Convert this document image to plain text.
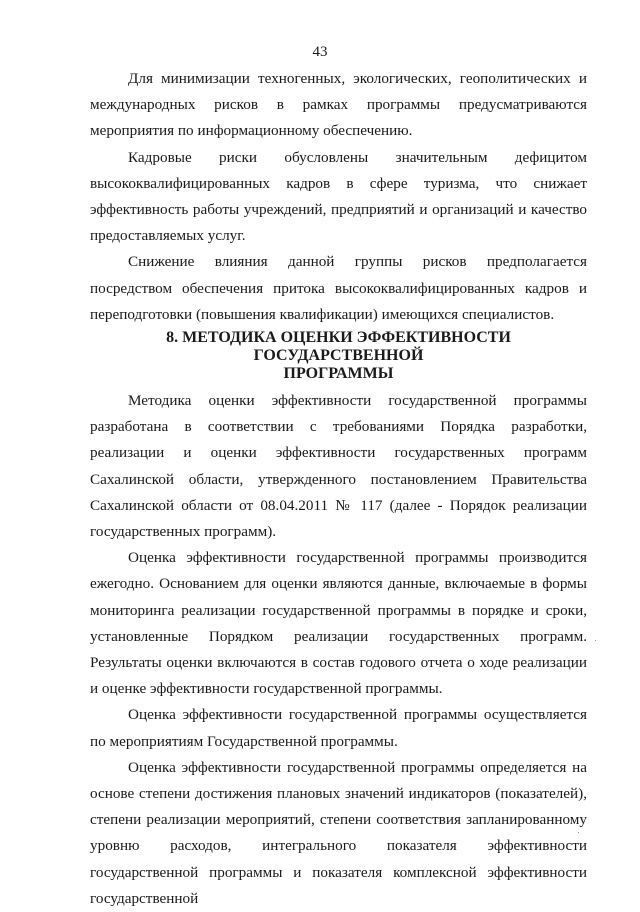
43

Для минимизации техногенных, экологических, геополитических и международных рисков в рамках программы предусматриваются мероприятия по информационному обеспечению.

Кадровые риски обусловлены значительным дефицитом высококвалифицированных кадров в сфере туризма, что снижает эффективность работы учреждений, предприятий и организаций и качество предоставляемых услуг.

Снижение влияния данной группы рисков предполагается посредством обеспечения притока высококвалифицированных кадров и переподготовки (повышения квалификации) имеющихся специалистов.

8. МЕТОДИКА ОЦЕНКИ ЭФФЕКТИВНОСТИ ГОСУДАРСТВЕННОЙ
ПРОГРАММЫ

Методика оценки эффективности государственной программы разработана в соответствии с требованиями Порядка разработки, реализации и оценки эффективности государственных программ Сахалинской области, утвержденного постановлением Правительства Сахалинской области от 08.04.2011 № 117 (далее - Порядок реализации государственных программ).

Оценка эффективности государственной программы производится ежегодно. Основанием для оценки являются данные, включаемые в формы мониторинга реализации государственной программы в порядке и сроки, установленные Порядком реализации государственных программ. Результаты оценки включаются в состав годового отчета о ходе реализации и оценке эффективности государственной программы.

Оценка эффективности государственной программы осуществляется по мероприятиям Государственной программы.

Оценка эффективности государственной программы определяется на основе степени достижения плановых значений индикаторов (показателей), степени реализации мероприятий, степени соответствия запланированному уровню расходов, интегрального показателя эффективности государственной программы и показателя комплексной эффективности государственной
